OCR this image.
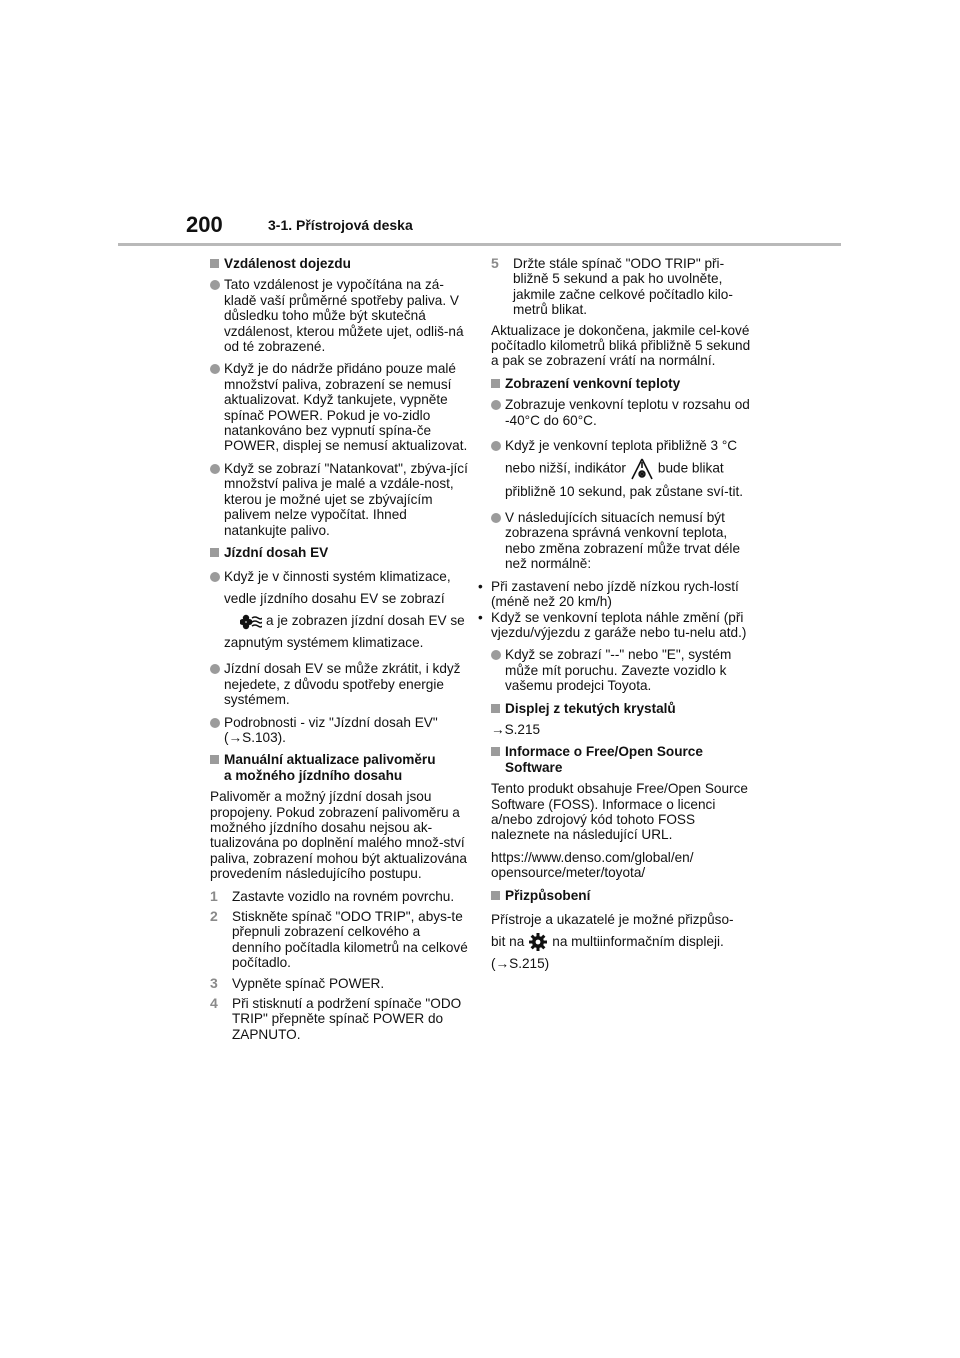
200	3-1. Přístrojová deska
Vzdálenost dojezdu
Tato vzdálenost je vypočítána na zá-kladě vaší průměrné spotřeby paliva. V důsledku toho může být skutečná vzdálenost, kterou můžete ujet, odliš-ná od té zobrazené.
Když je do nádrže přidáno pouze malé množství paliva, zobrazení se nemusí aktualizovat. Když tankujete, vypněte spínač POWER. Pokud je vo-zidlo natankováno bez vypnutí spína-če POWER, displej se nemusí aktualizovat.
Když se zobrazí "Natankovat", zbýva-jící množství paliva je malé a vzdále-nost, kterou je možné ujet se zbývajícím palivem nelze vypočítat. Ihned natankujte palivo.
Jízdní dosah EV
Když je v činnosti systém klimatizace, vedle jízdního dosahu EV se zobrazí
a je zobrazen jízdní dosah EV se zapnutým systémem klimatizace.
Jízdní dosah EV se může zkrátit, i když nejedete, z důvodu spotřeby energie systémem.
Podrobnosti - viz "Jízdní dosah EV"
(→S.103).
Manuální aktualizace palivoměru
a možného jízdního dosahu
Palivoměr a možný jízdní dosah jsou propojeny. Pokud zobrazení palivoměru a možného jízdního dosahu nejsou ak-tualizována po doplnění malého množ-ství paliva, zobrazení mohou být aktualizována provedením následujícího postupu.
1 Zastavte vozidlo na rovném povrchu.
2 Stiskněte spínač "ODO TRIP", abys-te přepnuli zobrazení celkového a denního počítadla kilometrů na celkové počítadlo.
3 Vypněte spínač POWER.
4 Při stisknutí a podržení spínače "ODO TRIP" přepněte spínač POWER do ZAPNUTO.
5 Držte stále spínač "ODO TRIP" při-bližně 5 sekund a pak ho uvolněte, jakmile začne celkové počítadlo kilo-metrů blikat.
Aktualizace je dokončena, jakmile cel-kové počítadlo kilometrů bliká přibližně 5 sekund a pak se zobrazení vrátí na normální.
Zobrazení venkovní teploty
Zobrazuje venkovní teplotu v rozsahu od -40°C do 60°C.
Když je venkovní teplota přibližně 3 °C
nebo nižší, indikátor bude blikat
přibližně 10 sekund, pak zůstane sví-tit.
V následujících situacích nemusí být zobrazena správná venkovní teplota, nebo změna zobrazení může trvat déle než normálně:
• Při zastavení nebo jízdě nízkou rych-lostí (méně než 20 km/h)
• Když se venkovní teplota náhle změní (při vjezdu/výjezdu z garáže nebo tu-nelu atd.)
Když se zobrazí "--" nebo "E", systém může mít poruchu. Zavezte vozidlo k vašemu prodejci Toyota.
Displej z tekutých krystalů
→S.215
Informace o Free/Open Source
Software
Tento produkt obsahuje Free/Open Source Software (FOSS). Informace o licenci a/nebo zdrojový kód tohoto FOSS naleznete na následující URL.
https://www.denso.com/global/en/ opensource/meter/toyota/
Přizpůsobení
Přístroje a ukazatelé je možné přizpůso-
bit na na multiinformačním displeji.
(→S.215)
